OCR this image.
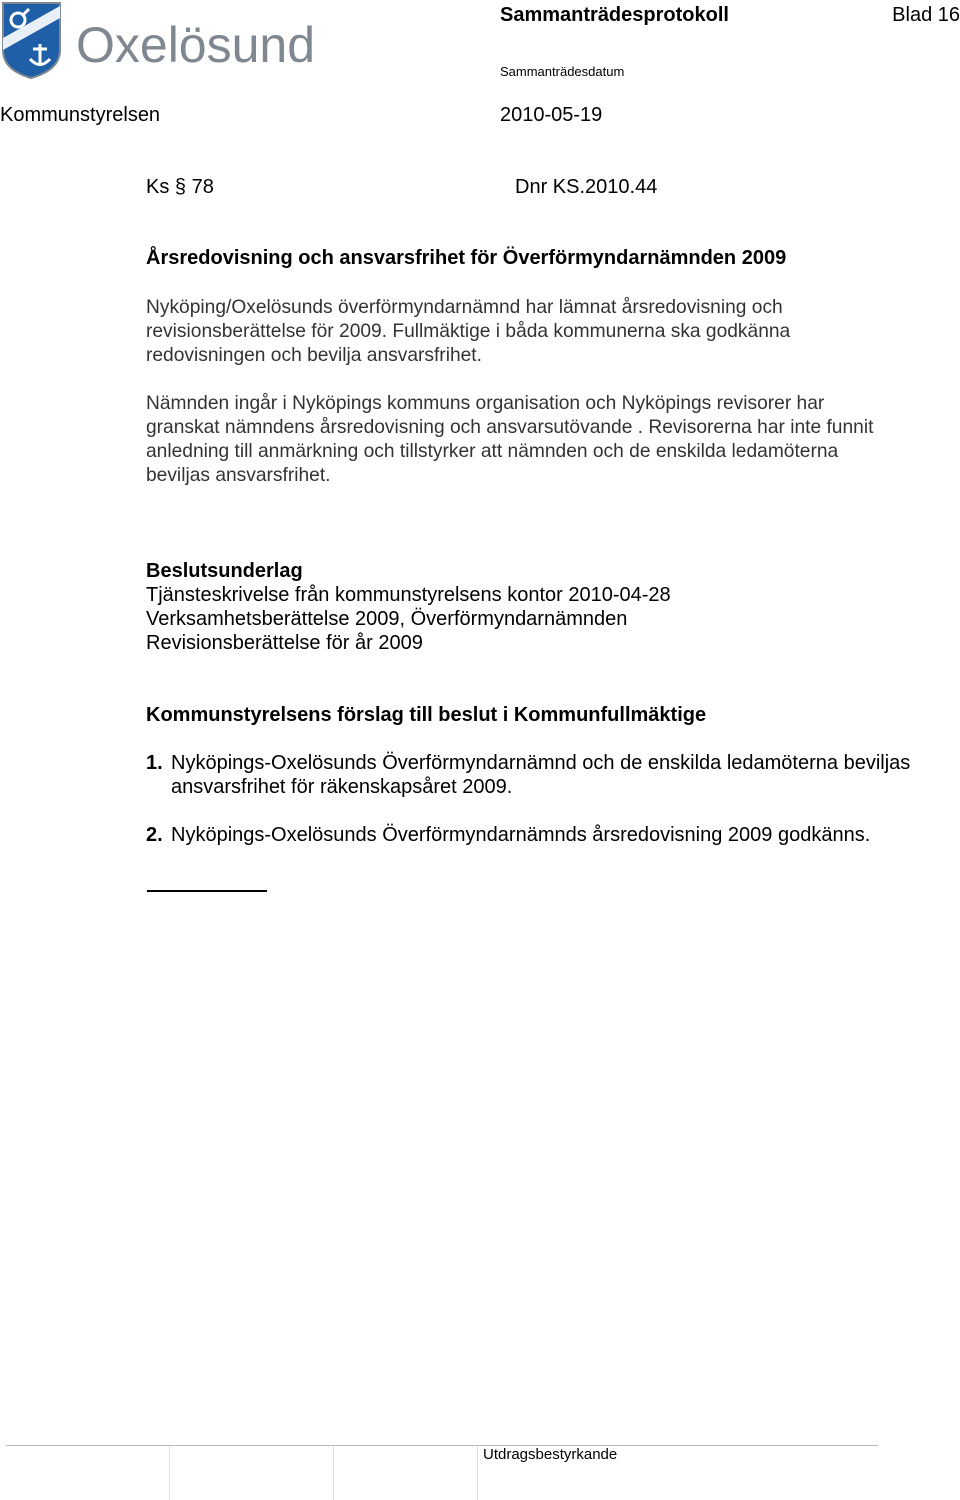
Oxelösund
Sammanträdesprotokoll	Blad 16
Sammanträdesdatum
Kommunstyrelsen	2010-05-19
Ks § 78	Dnr KS.2010.44
Årsredovisning och ansvarsfrihet för Överförmyndarnämnden 2009
Nyköping/Oxelösunds överförmyndarnämnd har lämnat årsredovisning och revisionsberättelse för 2009. Fullmäktige i båda kommunerna ska godkänna redovisningen och bevilja ansvarsfrihet.
Nämnden ingår i Nyköpings kommuns organisation och Nyköpings revisorer har granskat nämndens årsredovisning och ansvarsutövande . Revisorerna har inte funnit anledning till anmärkning och tillstyrker att nämnden och de enskilda ledamöterna beviljas ansvarsfrihet.
Beslutsunderlag
Tjänsteskrivelse från kommunstyrelsens kontor 2010-04-28
Verksamhetsberättelse 2009, Överförmyndarnämnden
Revisionsberättelse för år 2009
Kommunstyrelsens förslag till beslut i Kommunfullmäktige
1. Nyköpings-Oxelösunds Överförmyndarnämnd och de enskilda ledamöterna beviljas ansvarsfrihet för räkenskapsåret 2009.
2. Nyköpings-Oxelösunds Överförmyndarnämnds årsredovisning 2009 godkänns.
Utdragsbestyrkande
